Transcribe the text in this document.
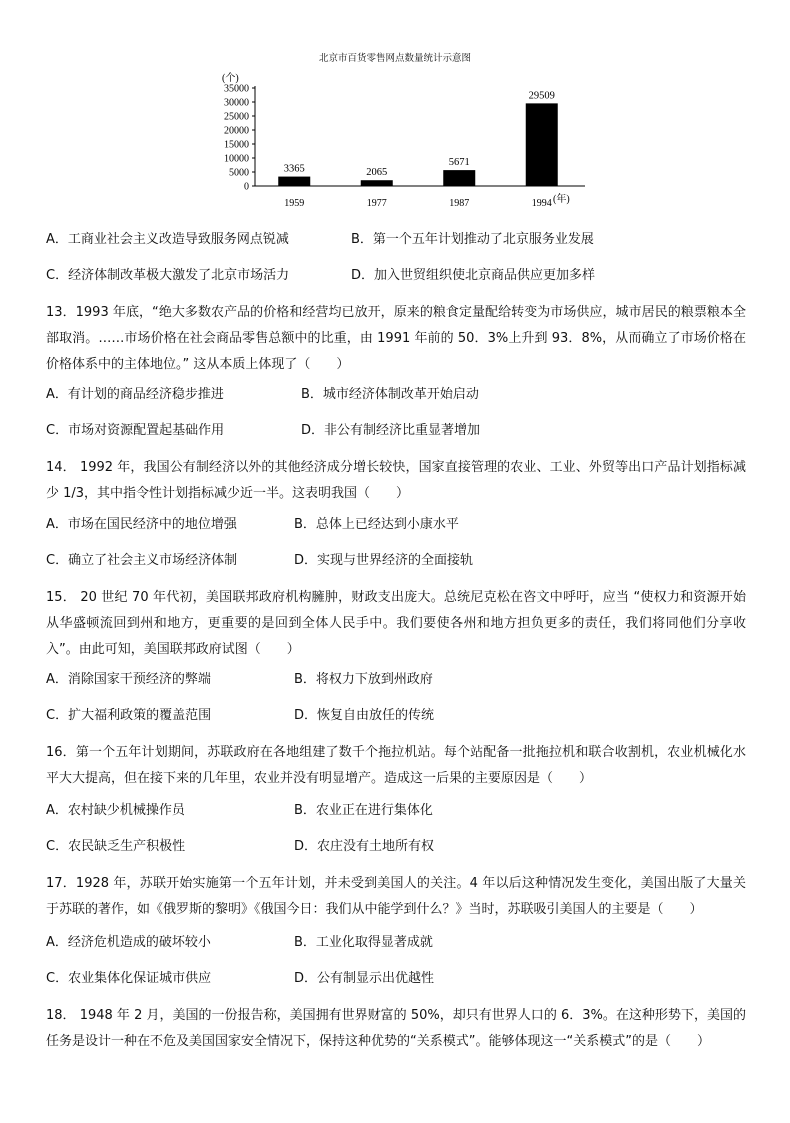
北京市百货零售网点数量统计示意图
(个)
0
5000
10000
15000
20000
25000
30000
35000
3365
1959
2065
1977
5671
1987
29509
1994 (年)
A．工商业社会主义改造导致服务网点锐减	B．第一个五年计划推动了北京服务业发展
C．经济体制改革极大激发了北京市场活力	D．加入世贸组织使北京商品供应更加多样
13．1993 年底，“绝大多数农产品的价格和经营均已放开，原来的粮食定量配给转变为市场供应，城市居民的粮票粮本全部取消。……市场价格在社会商品零售总额中的比重，由 1991 年前的 50．3%上升到 93．8%，从而确立了市场价格在价格体系中的主体地位。” 这从本质上体现了（　　）
A．有计划的商品经济稳步推进	B．城市经济体制改革开始启动
C．市场对资源配置起基础作用	D．非公有制经济比重显著增加
14． 1992 年，我国公有制经济以外的其他经济成分增长较快，国家直接管理的农业、工业、外贸等出口产品计划指标减少 1/3，其中指令性计划指标减少近一半。这表明我国（　　）
A．市场在国民经济中的地位增强	B．总体上已经达到小康水平
C．确立了社会主义市场经济体制	D．实现与世界经济的全面接轨
15． 20 世纪 70 年代初，美国联邦政府机构臃肿，财政支出庞大。总统尼克松在咨文中呼吁，应当 “使权力和资源开始从华盛顿流回到州和地方，更重要的是回到全体人民手中。我们要使各州和地方担负更多的责任，我们将同他们分享收入”。由此可知，美国联邦政府试图（　　）
A．消除国家干预经济的弊端	B．将权力下放到州政府
C．扩大福利政策的覆盖范围	D．恢复自由放任的传统
16．第一个五年计划期间，苏联政府在各地组建了数千个拖拉机站。每个站配备一批拖拉机和联合收割机，农业机械化水平大大提高，但在接下来的几年里，农业并没有明显增产。造成这一后果的主要原因是（　　）
A．农村缺少机械操作员	B．农业正在进行集体化
C．农民缺乏生产积极性	D．农庄没有土地所有权
17．1928 年，苏联开始实施第一个五年计划，并未受到美国人的关注。4 年以后这种情况发生变化，美国出版了大量关于苏联的著作，如《俄罗斯的黎明》《俄国今日：我们从中能学到什么？》当时，苏联吸引美国人的主要是（　　）
A．经济危机造成的破坏较小	B．工业化取得显著成就
C．农业集体化保证城市供应	D．公有制显示出优越性
18． 1948 年 2 月，美国的一份报告称，美国拥有世界财富的 50%，却只有世界人口的 6．3%。在这种形势下，美国的任务是设计一种在不危及美国国家安全情况下，保持这种优势的“关系模式”。能够体现这一“关系模式”的是（　　）
